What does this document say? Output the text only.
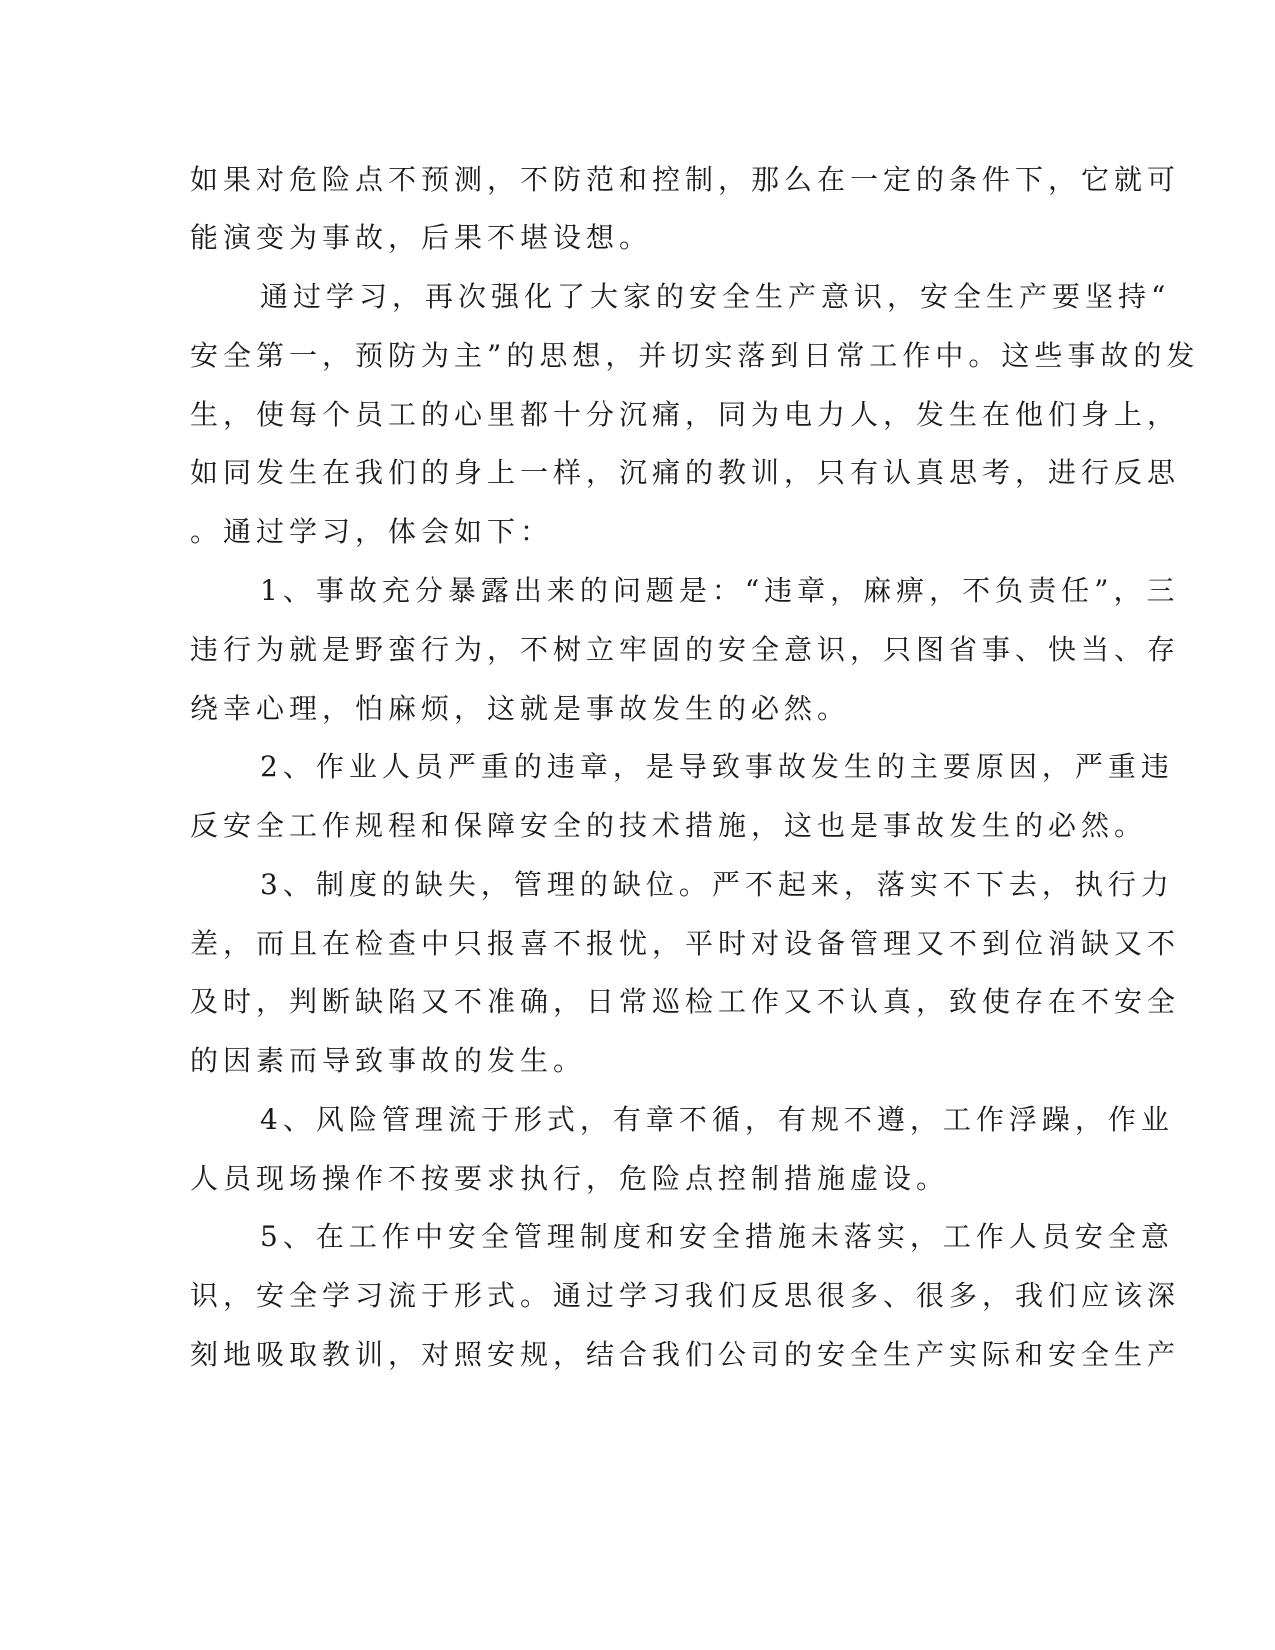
如果对危险点不预测，不防范和控制，那么在一定的条件下，它就可
能演变为事故，后果不堪设想。
通过学习，再次强化了大家的安全生产意识，安全生产要坚持“
安全第一，预防为主”的思想，并切实落到日常工作中。这些事故的发
生，使每个员工的心里都十分沉痛，同为电力人，发生在他们身上，
如同发生在我们的身上一样，沉痛的教训，只有认真思考，进行反思
。通过学习，体会如下：
1、事故充分暴露出来的问题是：“违章，麻痹，不负责任”，三
违行为就是野蛮行为，不树立牢固的安全意识，只图省事、快当、存
绕幸心理，怕麻烦，这就是事故发生的必然。
2、作业人员严重的违章，是导致事故发生的主要原因，严重违
反安全工作规程和保障安全的技术措施，这也是事故发生的必然。
3、制度的缺失，管理的缺位。严不起来，落实不下去，执行力
差，而且在检查中只报喜不报忧，平时对设备管理又不到位消缺又不
及时，判断缺陷又不准确，日常巡检工作又不认真，致使存在不安全
的因素而导致事故的发生。
4、风险管理流于形式，有章不循，有规不遵，工作浮躁，作业
人员现场操作不按要求执行，危险点控制措施虚设。
5、在工作中安全管理制度和安全措施未落实，工作人员安全意
识，安全学习流于形式。通过学习我们反思很多、很多，我们应该深
刻地吸取教训，对照安规，结合我们公司的安全生产实际和安全生产
